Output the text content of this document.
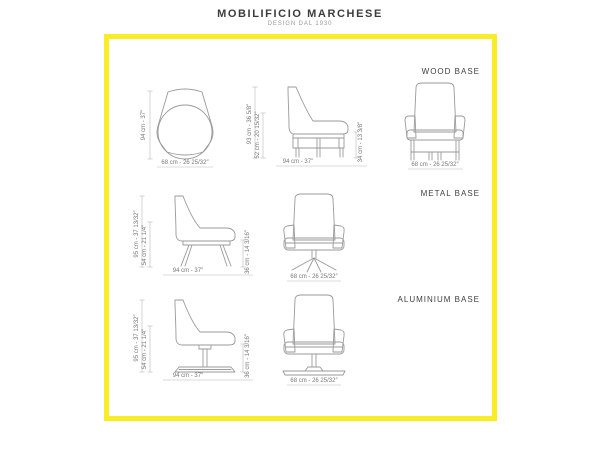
MOBILIFICIO MARCHESE
DESIGN DAL 1930
WOOD BASE
METAL BASE
ALUMINIUM BASE
94 cm - 37″
68 cm - 26 25/32″
93 cm - 36 5/8″ 52 cm - 20 15/32″	34 cm - 13 3/8″
94 cm - 37″	68 cm - 26 25/32″
95 cm - 37 13/32″ 54 cm - 21 1/4″	36 cm - 14 3/16″
94 cm - 37″
68 cm - 26 25/32″
95 cm - 37 13/32″ 54 cm - 21 1/4″	36 cm - 14 3/16″
94 cm - 37″
68 cm - 26 25/32″
